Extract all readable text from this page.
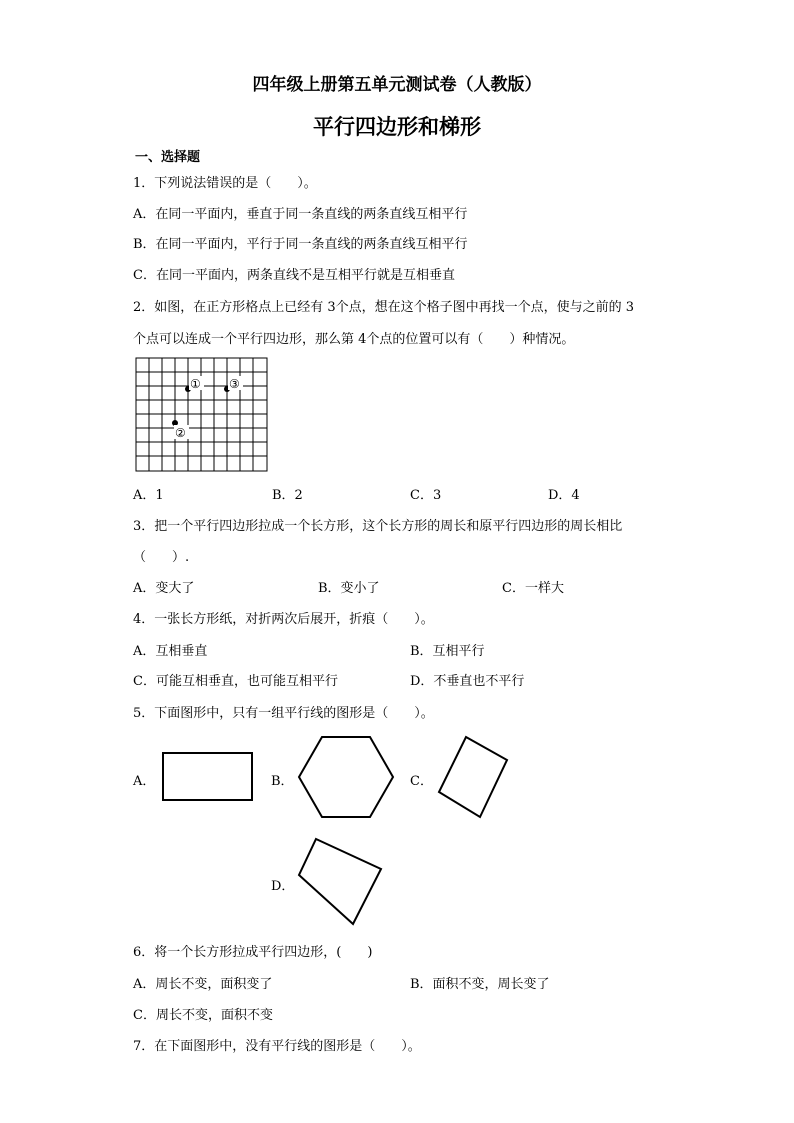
四年级上册第五单元测试卷（人教版）
平行四边形和梯形
一、选择题
1．下列说法错误的是（　　）。
A．在同一平面内，垂直于同一条直线的两条直线互相平行
B．在同一平面内，平行于同一条直线的两条直线互相平行
C．在同一平面内，两条直线不是互相平行就是互相垂直
2．如图，在正方形格点上已经有 3个点，想在这个格子图中再找一个点，使与之前的 3
个点可以连成一个平行四边形，那么第 4个点的位置可以有（　　）种情况。
① ③
②
A．1	B．2	C．3	D．4
3．把一个平行四边形拉成一个长方形，这个长方形的周长和原平行四边形的周长相比
（　　）.
A．变大了	B．变小了	C．一样大
4．一张长方形纸，对折两次后展开，折痕（　　）。
A．互相垂直	B．互相平行
C．可能互相垂直，也可能互相平行	D．不垂直也不平行
5．下面图形中，只有一组平行线的图形是（　　）。
A．	B．	C．
D．
6．将一个长方形拉成平行四边形，(　　)
A．周长不变，面积变了	B．面积不变，周长变了
C．周长不变，面积不变
7．在下面图形中，没有平行线的图形是（　　）。
